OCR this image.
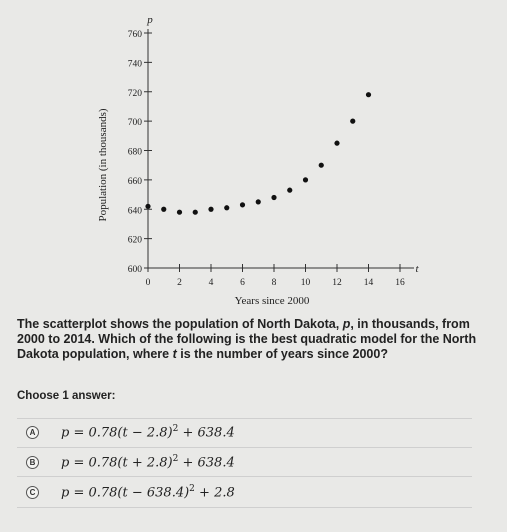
600
620
640
660
680
700
720
740
760
0	2	4	6	8	10 12 14 16
Population (in thousands)
Years since 2000
p
t

The scatterplot shows the population of North Dakota, p, in thousands, from 2000 to 2014. Which of the following is the best quadratic model for the North Dakota population, where t is the number of years since 2000?

Choose 1 answer:
A $p = 0.78(t - 2.8)^2 + 638.4$
B $p = 0.78(t + 2.8)^2 + 638.4$
C $p = 0.78(t - 638.4)^2 + 2.8$
